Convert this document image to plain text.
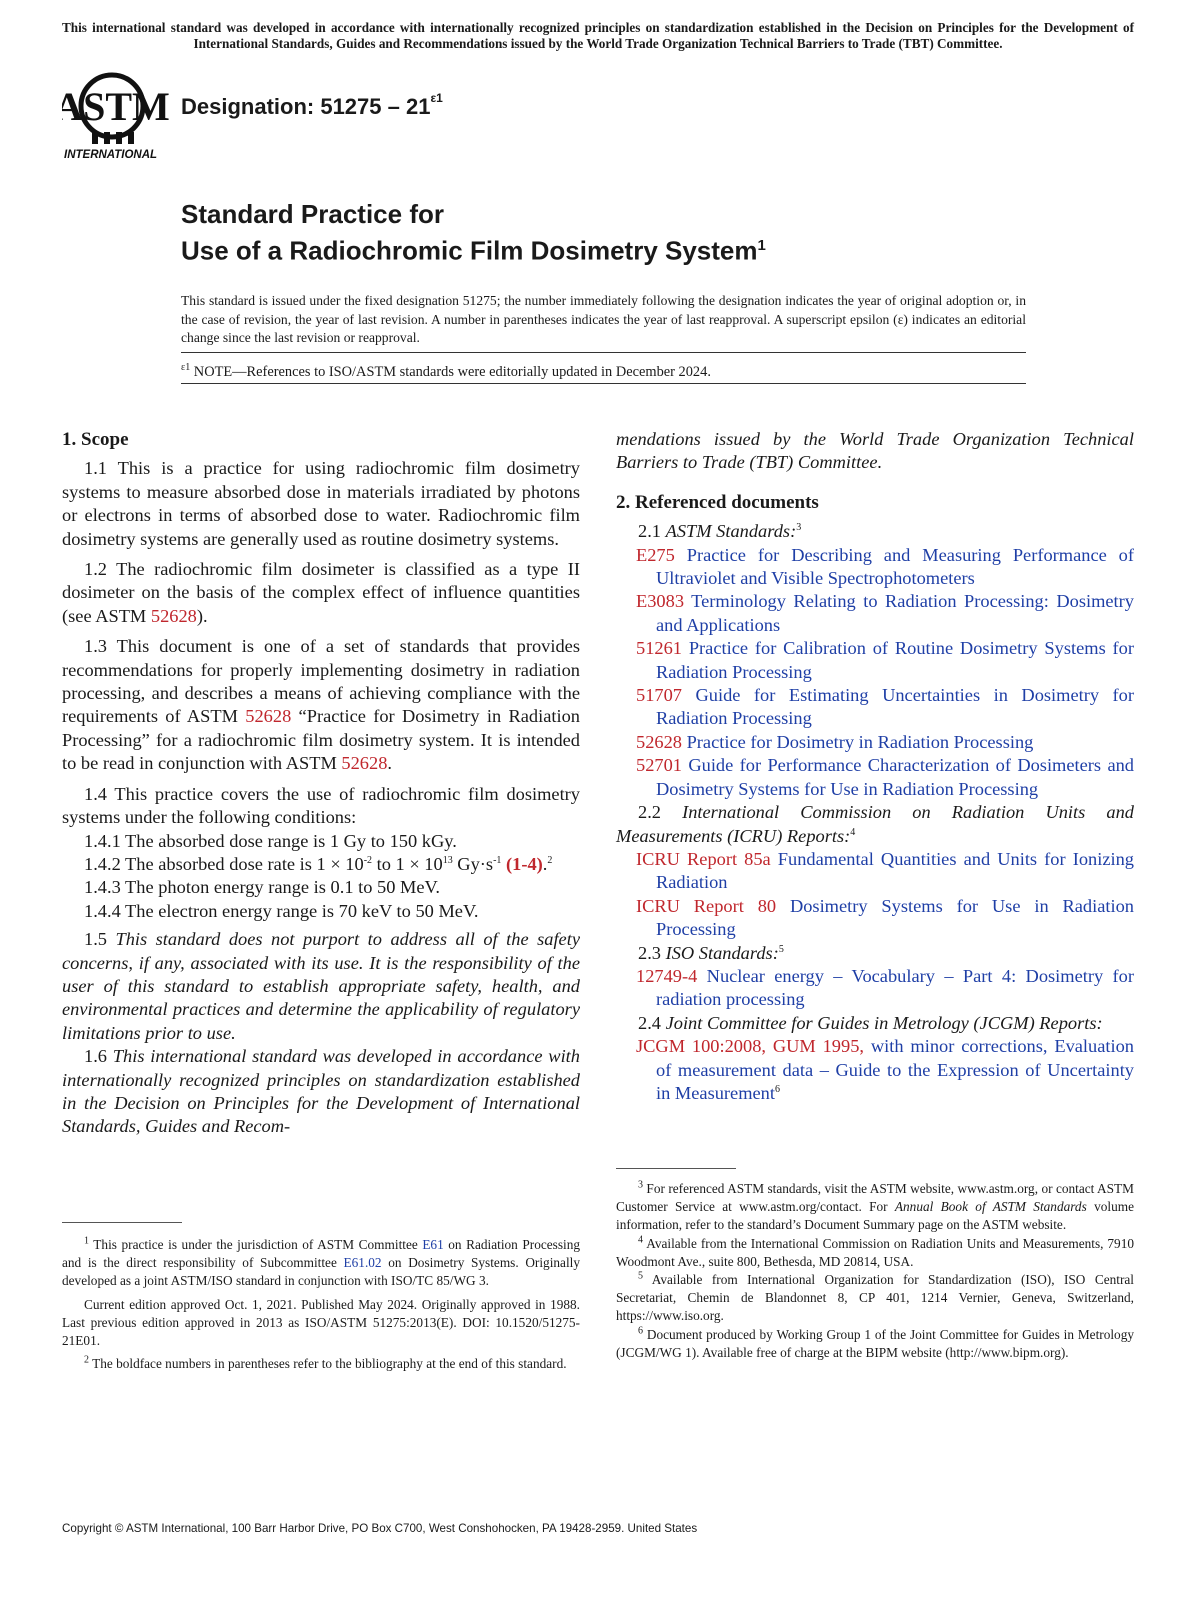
This international standard was developed in accordance with internationally recognized principles on standardization established in the Decision on Principles for the Development of International Standards, Guides and Recommendations issued by the World Trade Organization Technical Barriers to Trade (TBT) Committee.
ASTM
INTERNATIONAL
Designation: $51275 - 21^{\varepsilon 1}$
Standard Practice for
Use of a Radiochromic Film Dosimetry System$^1$
This standard is issued under the fixed designation 51275; the number immediately following the designation indicates the year of original adoption or, in the case of revision, the year of last revision. A number in parentheses indicates the year of last reapproval. A superscript epsilon (ε) indicates an editorial change since the last revision or reapproval.
$^{\varepsilon 1}$ NOTE—References to ISO/ASTM standards were editorially updated in December 2024.

1. Scope

1.1 This is a practice for using radiochromic film dosimetry systems to measure absorbed dose in materials irradiated by photons or electrons in terms of absorbed dose to water. Radiochromic film dosimetry systems are generally used as routine dosimetry systems.

1.2 The radiochromic film dosimeter is classified as a type II dosimeter on the basis of the complex effect of influence quantities (see ASTM 52628).

1.3 This document is one of a set of standards that provides recommendations for properly implementing dosimetry in radiation processing, and describes a means of achieving compliance with the requirements of ASTM 52628 “Practice for Dosimetry in Radiation Processing” for a radiochromic film dosimetry system. It is intended to be read in conjunction with ASTM 52628.

1.4 This practice covers the use of radiochromic film dosimetry systems under the following conditions:

1.4.1 The absorbed dose range is 1 Gy to 150 kGy.

1.4.2 The absorbed dose rate is $1 \times 10^{-2}$ to $1 \times 10^{13}$ $Gy\cdot s^{-1}$ (1-4).$^2$

1.4.3 The photon energy range is 0.1 to 50 MeV.

1.4.4 The electron energy range is 70 keV to 50 MeV.

1.5 This standard does not purport to address all of the safety concerns, if any, associated with its use. It is the responsibility of the user of this standard to establish appropriate safety, health, and environmental practices and determine the applicability of regulatory limitations prior to use.

1.6 This international standard was developed in accordance with internationally recognized principles on standardization established in the Decision on Principles for the Development of International Standards, Guides and Recom-

$^1$ This practice is under the jurisdiction of ASTM Committee E61 on Radiation Processing and is the direct responsibility of Subcommittee E61.02 on Dosimetry Systems. Originally developed as a joint ASTM/ISO standard in conjunction with ISO/TC 85/WG 3.

Current edition approved Oct. 1, 2021. Published May 2024. Originally approved in 1988. Last previous edition approved in 2013 as ISO/ASTM 51275:2013(E). DOI: 10.1520/51275-21E01.

$^2$ The boldface numbers in parentheses refer to the bibliography at the end of this standard.

mendations issued by the World Trade Organization Technical Barriers to Trade (TBT) Committee.

2. Referenced documents

2.1 ASTM Standards:$^3$

E275 Practice for Describing and Measuring Performance of Ultraviolet and Visible Spectrophotometers

E3083 Terminology Relating to Radiation Processing: Dosimetry and Applications

51261 Practice for Calibration of Routine Dosimetry Systems for Radiation Processing

51707 Guide for Estimating Uncertainties in Dosimetry for Radiation Processing

52628 Practice for Dosimetry in Radiation Processing

52701 Guide for Performance Characterization of Dosimeters and Dosimetry Systems for Use in Radiation Processing

2.2 International Commission on Radiation Units and Measurements (ICRU) Reports:$^4$

ICRU Report 85a Fundamental Quantities and Units for Ionizing Radiation

ICRU Report 80 Dosimetry Systems for Use in Radiation Processing

2.3 ISO Standards:$^5$

12749-4 Nuclear energy – Vocabulary – Part 4: Dosimetry for radiation processing

2.4 Joint Committee for Guides in Metrology (JCGM) Reports:

JCGM 100:2008, GUM 1995, with minor corrections, Evaluation of measurement data – Guide to the Expression of Uncertainty in Measurement$^6$

$^3$ For referenced ASTM standards, visit the ASTM website, www.astm.org, or contact ASTM Customer Service at www.astm.org/contact. For Annual Book of ASTM Standards volume information, refer to the standard’s Document Summary page on the ASTM website.

$^4$ Available from the International Commission on Radiation Units and Measurements, 7910 Woodmont Ave., suite 800, Bethesda, MD 20814, USA.

$^5$ Available from International Organization for Standardization (ISO), ISO Central Secretariat, Chemin de Blandonnet 8, CP 401, 1214 Vernier, Geneva, Switzerland, https://www.iso.org.

$^6$ Document produced by Working Group 1 of the Joint Committee for Guides in Metrology (JCGM/WG 1). Available free of charge at the BIPM website (http://www.bipm.org).

Copyright © ASTM International, 100 Barr Harbor Drive, PO Box C700, West Conshohocken, PA 19428-2959. United States
